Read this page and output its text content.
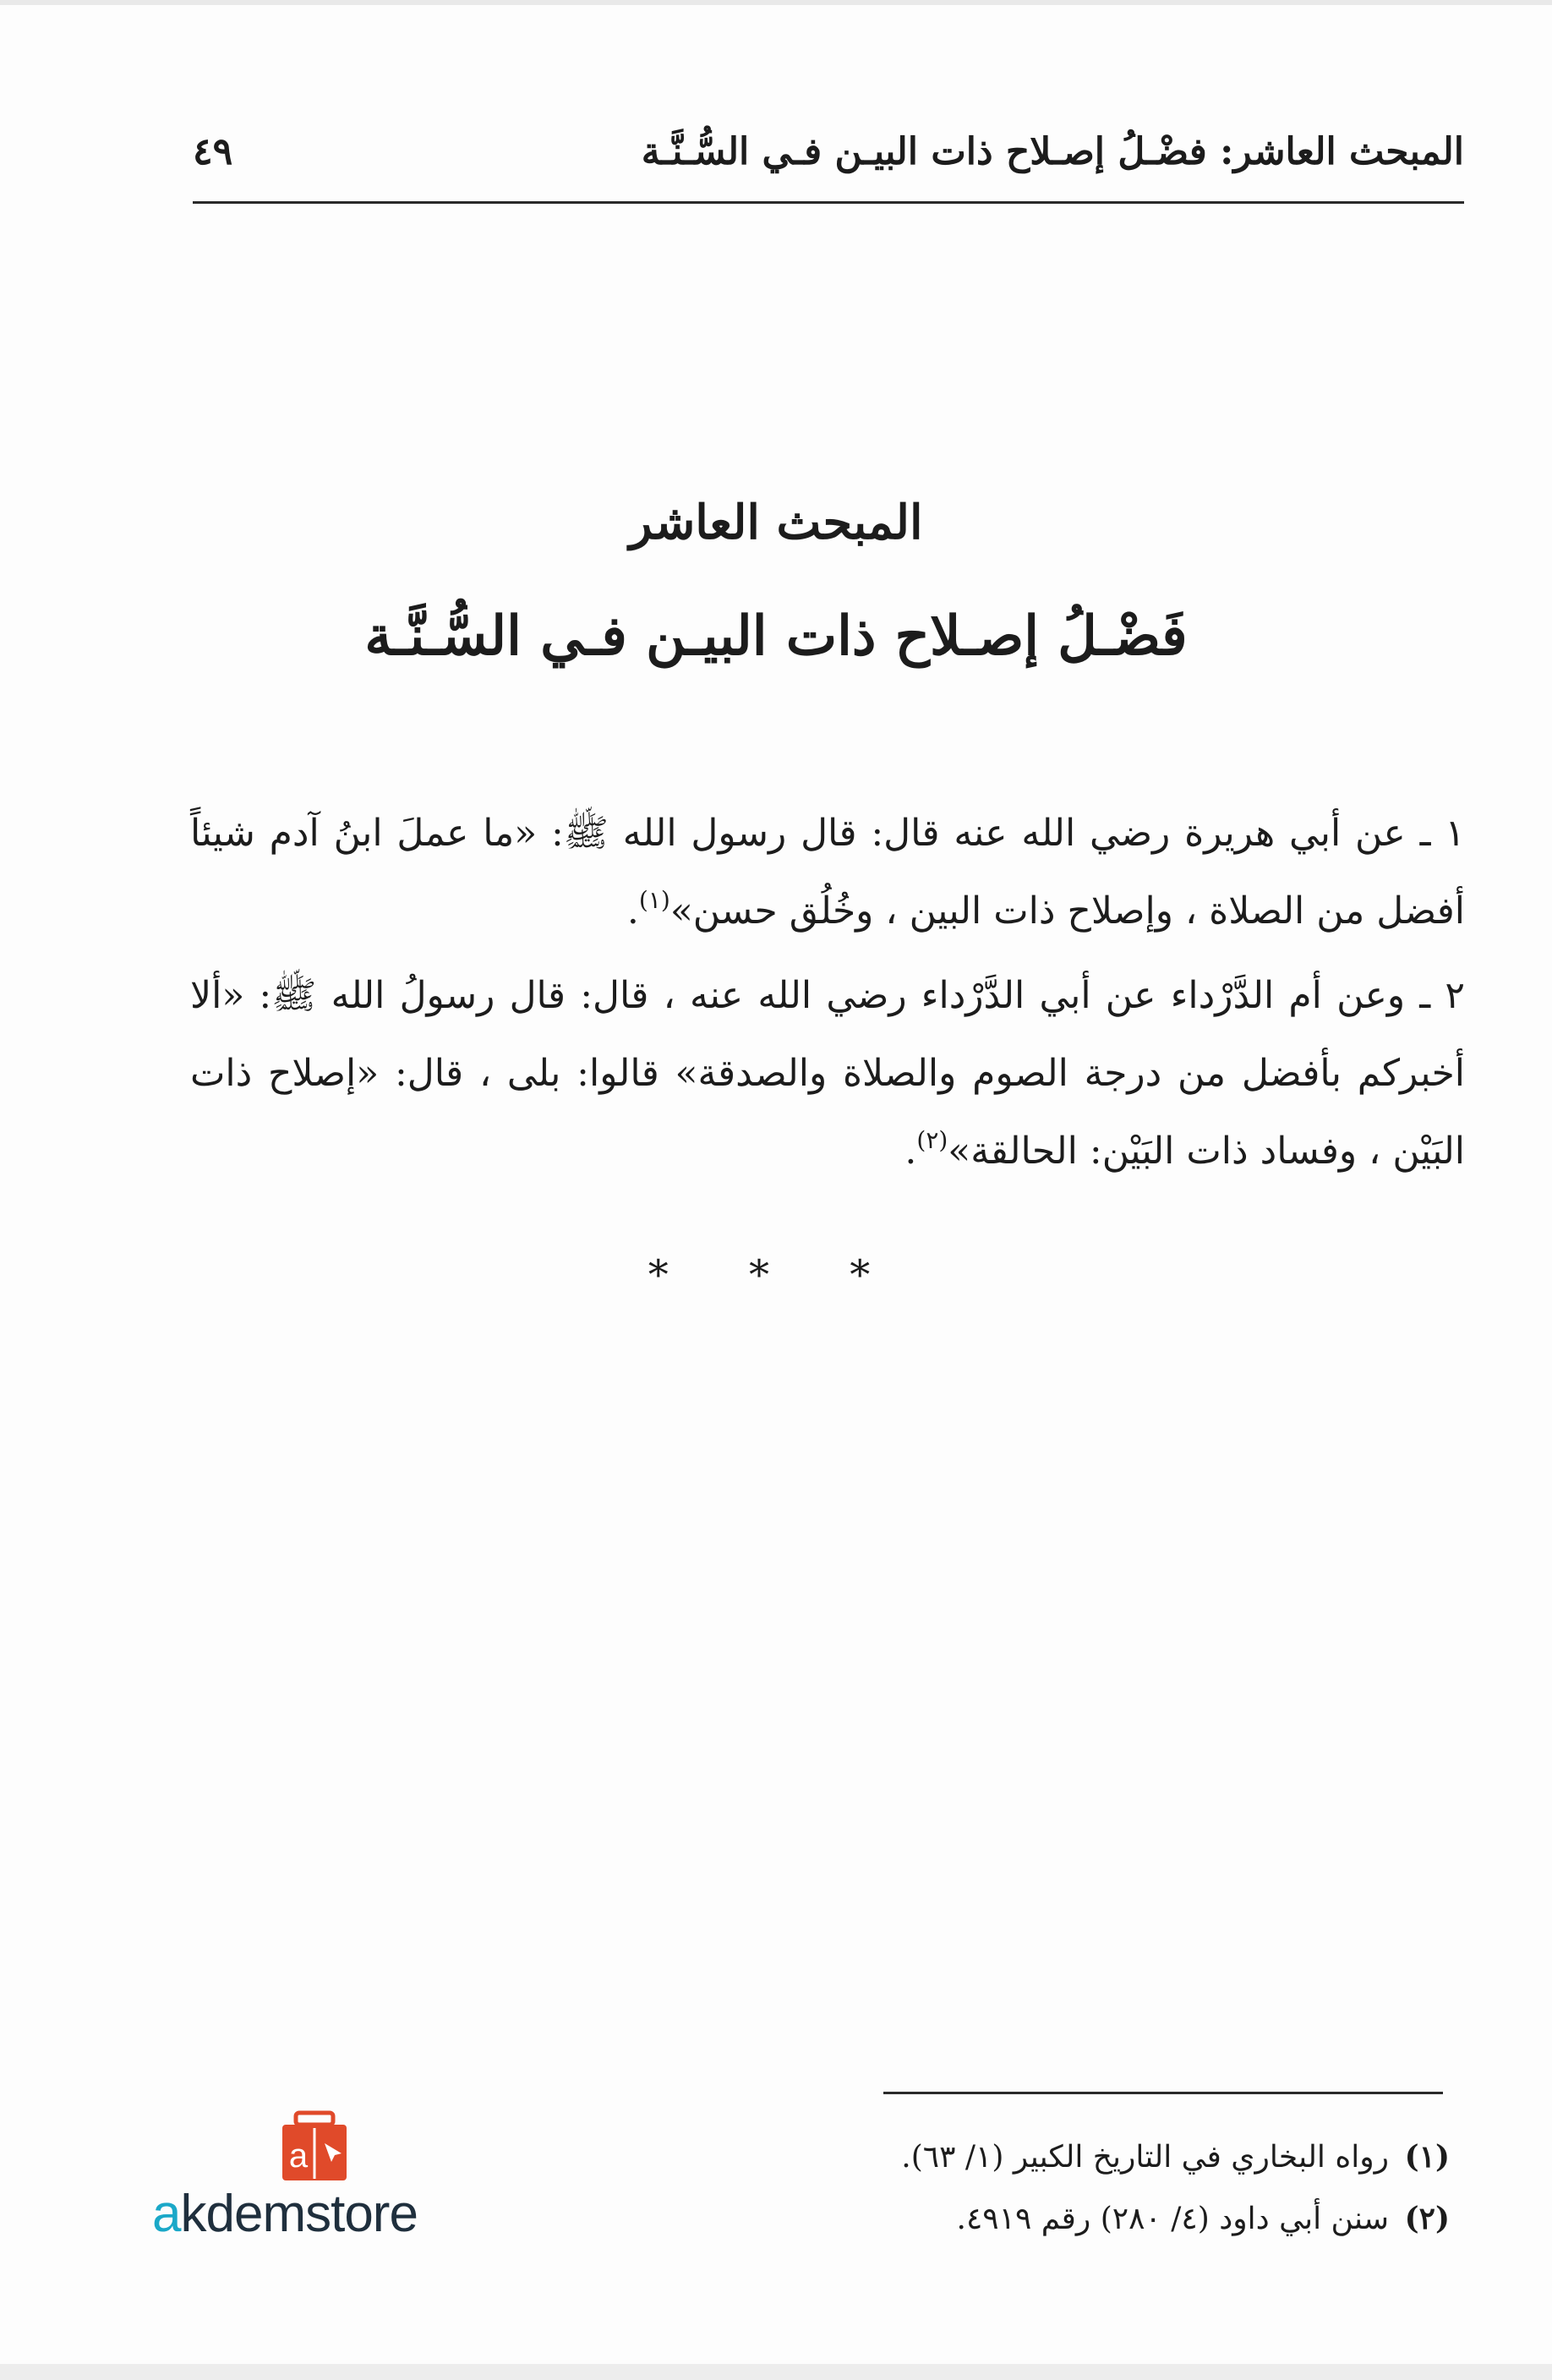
المبحث العاشر: فضْـلُ إصـلاح ذات البيـن فـي السُّـنَّـة
٤٩
المبحث العاشر
فَضْـلُ إصـلاح ذات البيـن فـي السُّـنَّـة

١ ـ عن أبي هريرة رضي الله عنه قال: قال رسول الله ﷺ: «ما عملَ ابنُ آدم شيئاً أفضل من الصلاة ، وإصلاح ذات البين ، وخُلُق حسن»$^{(١)}$.

٢ ـ وعن أم الدَّرْداء عن أبي الدَّرْداء رضي الله عنه ، قال: قال رسولُ الله ﷺ: «ألا أخبركم بأفضل من درجة الصوم والصلاة والصدقة» قالوا: بلى ، قال: «إصلاح ذات البَيْن ، وفساد ذات البَيْن: الحالقة»$^{(٢)}$.

* * *
(١)رواه البخاري في التاريخ الكبير (١/ ٦٣).
(٢)سنن أبي داود (٤/ ٢٨٠) رقم ٤٩١٩.
a
akdemstore
